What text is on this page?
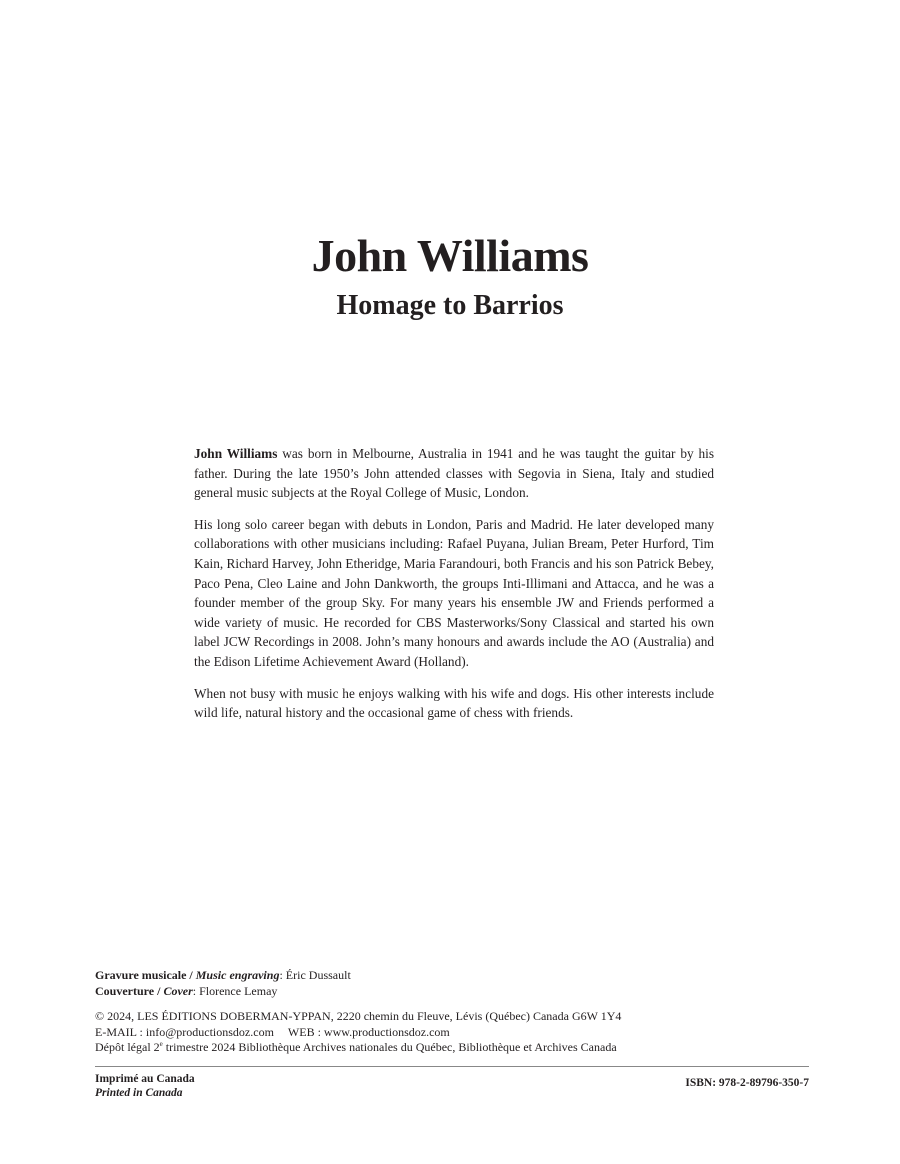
John Williams
Homage to Barrios

John Williams was born in Melbourne, Australia in 1941 and he was taught the guitar by his father. During the late 1950’s John attended classes with Segovia in Siena, Italy and studied general music subjects at the Royal College of Music, London.

His long solo career began with debuts in London, Paris and Madrid. He later developed many collaborations with other musicians including: Rafael Puyana, Julian Bream, Peter Hurford, Tim Kain, Richard Harvey, John Etheridge, Maria Farandouri, both Francis and his son Patrick Bebey, Paco Pena, Cleo Laine and John Dankworth, the groups Inti-Illimani and Attacca, and he was a founder member of the group Sky. For many years his ensemble JW and Friends performed a wide variety of music. He recorded for CBS Masterworks/Sony Classical and started his own label JCW Recordings in 2008. John’s many honours and awards include the AO (Australia) and the Edison Lifetime Achievement Award (Holland).

When not busy with music he enjoys walking with his wife and dogs. His other interests include wild life, natural history and the occasional game of chess with friends.

Gravure musicale / Music engraving: Éric Dussault
Couverture / Cover: Florence Lemay
© 2024, LES ÉDITIONS DOBERMAN-YPPAN, 2220 chemin du Fleuve, Lévis (Québec) Canada G6W 1Y4
E-MAIL : info@productionsdoz.com WEB : www.productionsdoz.com
Dépôt légal 2e trimestre 2024 Bibliothèque Archives nationales du Québec, Bibliothèque et Archives Canada
Imprimé au Canada
Printed in Canada
ISBN: 978-2-89796-350-7
